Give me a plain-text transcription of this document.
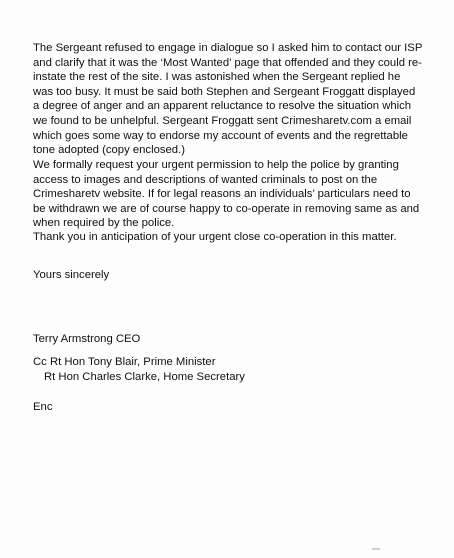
The Sergeant refused to engage in dialogue so I asked him to contact our ISP
and clarify that it was the ‘Most Wanted’ page that offended and they could re-
instate the rest of the site. I was astonished when the Sergeant replied he
was too busy. It must be said both Stephen and Sergeant Froggatt displayed
a degree of anger and an apparent reluctance to resolve the situation which
we found to be unhelpful. Sergeant Froggatt sent Crimesharetv.com a email
which goes some way to endorse my account of events and the regrettable
tone adopted (copy enclosed.)

We formally request your urgent permission to help the police by granting
access to images and descriptions of wanted criminals to post on the
Crimesharetv website. If for legal reasons an individuals’ particulars need to
be withdrawn we are of course happy to co-operate in removing same as and
when required by the police.

Thank you in anticipation of your urgent close co-operation in this matter.

Yours sincerely

Terry Armstrong CEO

Cc Rt Hon Tony Blair, Prime Minister
Rt Hon Charles Clarke, Home Secretary

Enc
